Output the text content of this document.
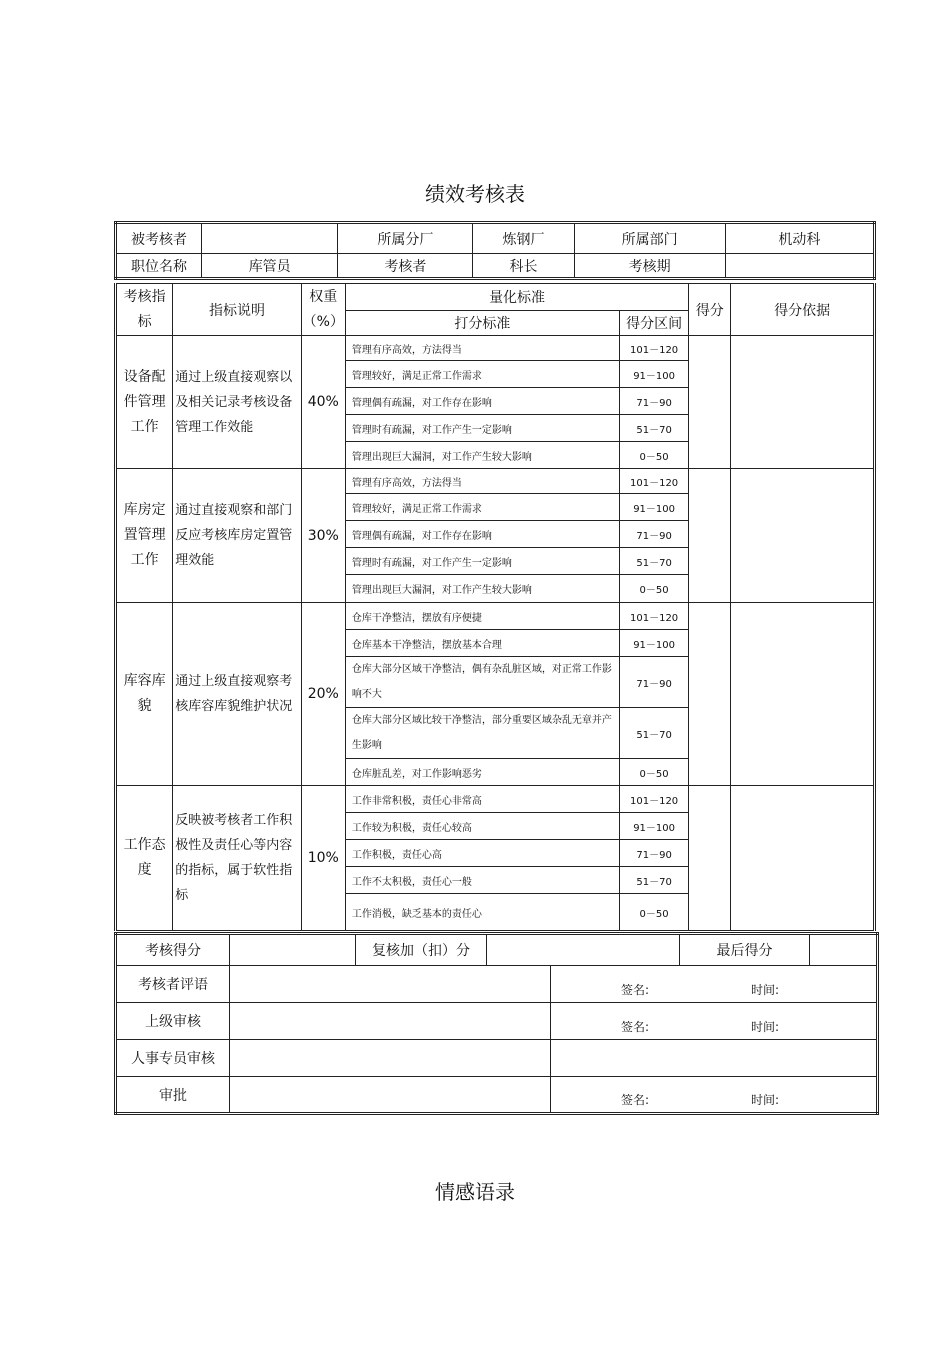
绩效考核表
被考核者		所属分厂	炼钢厂	所属部门	机动科
职位名称	库管员	考核者	科长	考核期	
考核指标	指标说明	权重（%）	量化标准		得分	得分依据
			打分标准	得分区间		
设备配件管理工作	通过上级直接观察以及相关记录考核设备管理工作效能	40%	管理有序高效，方法得当	101－120		
			管理较好，满足正常工作需求	91－100		
			管理偶有疏漏，对工作存在影响	71－90		
			管理时有疏漏，对工作产生一定影响	51－70		
			管理出现巨大漏洞，对工作产生较大影响	0－50		
库房定置管理工作	通过直接观察和部门反应考核库房定置管理效能	30%	管理有序高效，方法得当	101－120		
			管理较好，满足正常工作需求	91－100		
			管理偶有疏漏，对工作存在影响	71－90		
			管理时有疏漏，对工作产生一定影响	51－70		
			管理出现巨大漏洞，对工作产生较大影响	0－50		
库容库貌	通过上级直接观察考核库容库貌维护状况	20%	仓库干净整洁，摆放有序便捷	101－120		
			仓库基本干净整洁，摆放基本合理	91－100		
			仓库大部分区域干净整洁，偶有杂乱脏区域，对正常工作影响不大	71－90		
			仓库大部分区域比较干净整洁，部分重要区域杂乱无章并产生影响	51－70		
			仓库脏乱差，对工作影响恶劣	0－50		
工作态度	反映被考核者工作积极性及责任心等内容的指标，属于软性指标	10%	工作非常积极，责任心非常高	101－120		
			工作较为积极，责任心较高	91－100		
			工作积极，责任心高	71－90		
			工作不太积极，责任心一般	51－70		
			工作消极，缺乏基本的责任心	0－50		
考核得分		复核加（扣）分			最后得分	
考核者评语				签名: 时间:		
上级审核				签名: 时间:		
人事专员审核						
审批				签名: 时间:		
情感语录
